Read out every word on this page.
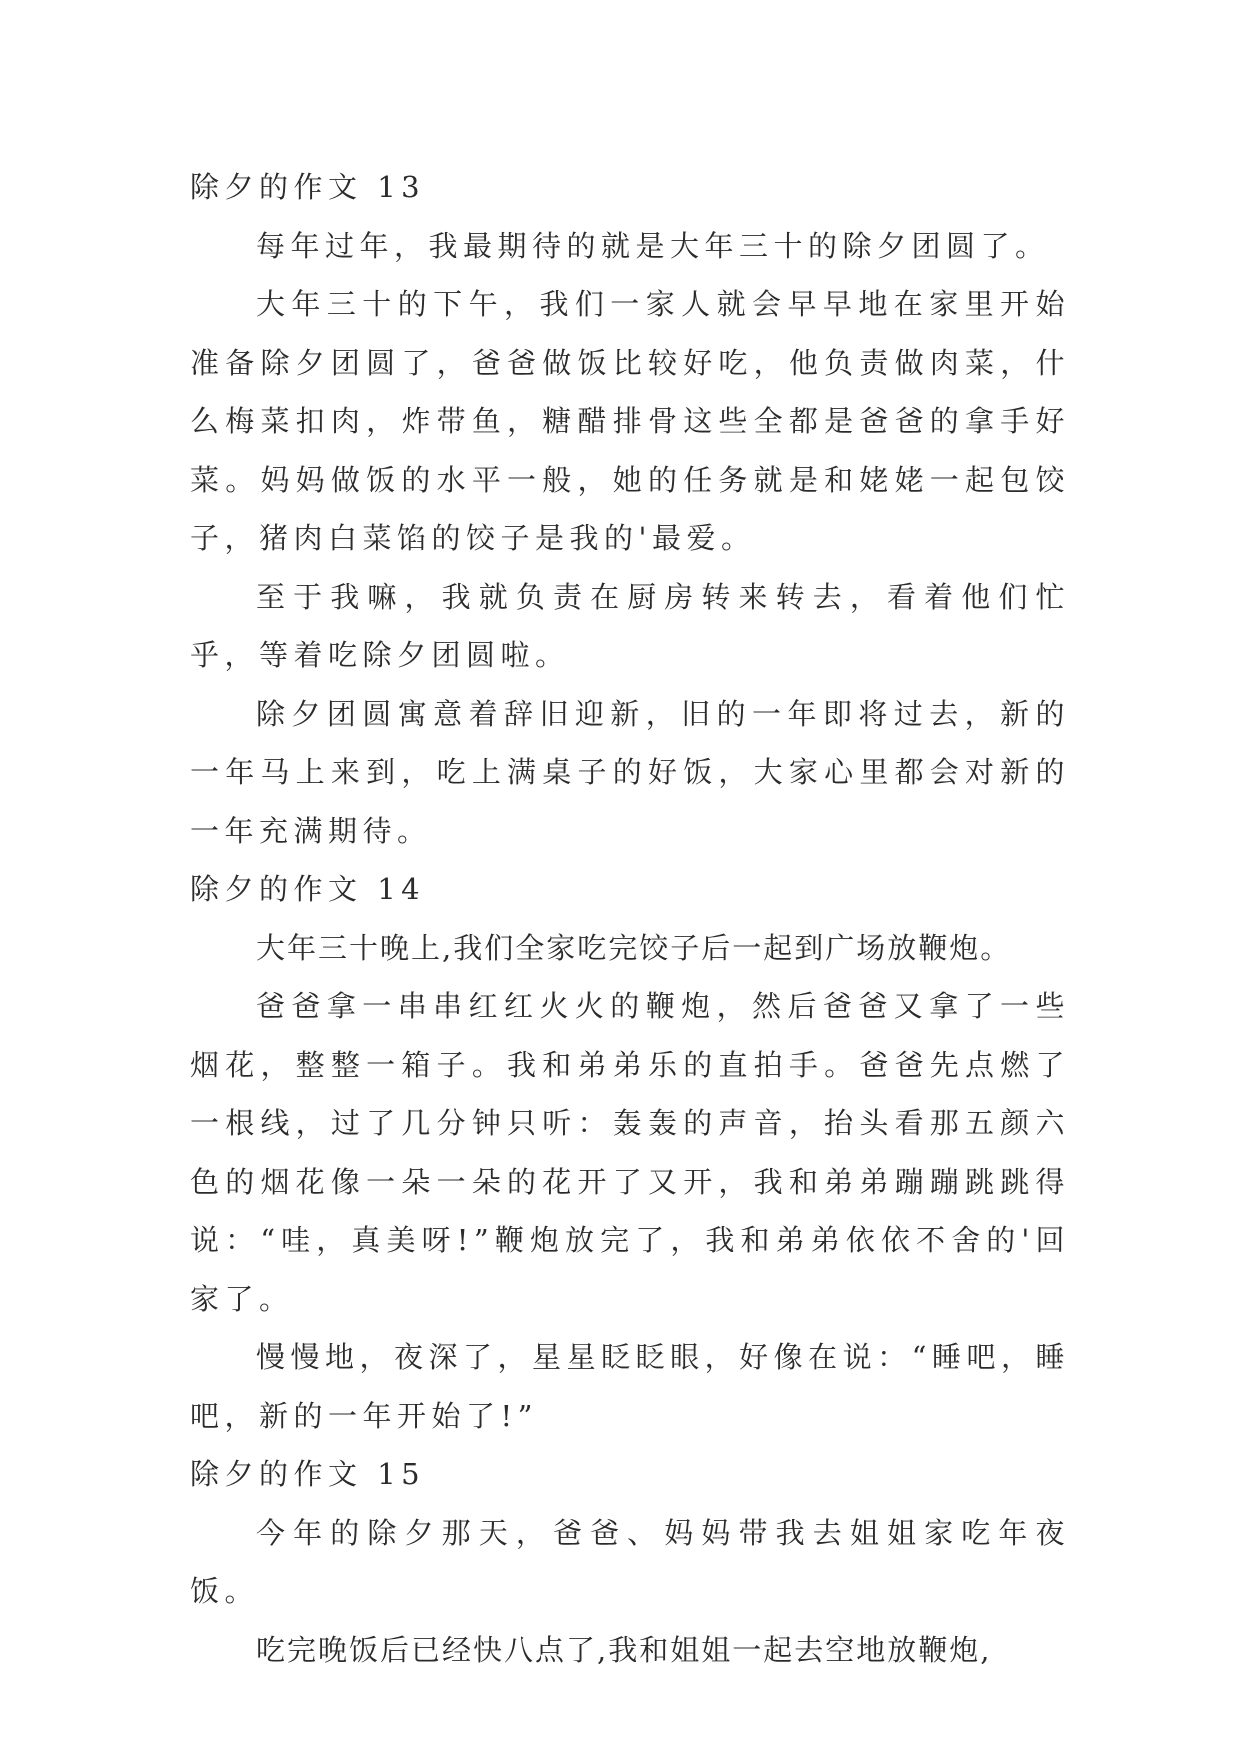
除夕的作文 13

每年过年，我最期待的就是大年三十的除夕团圆了。

大年三十的下午，我们一家人就会早早地在家里开始准备除夕团圆了，爸爸做饭比较好吃，他负责做肉菜，什么梅菜扣肉，炸带鱼，糖醋排骨这些全都是爸爸的拿手好菜。妈妈做饭的水平一般，她的任务就是和姥姥一起包饺子，猪肉白菜馅的饺子是我的'最爱。

至于我嘛，我就负责在厨房转来转去，看着他们忙乎，等着吃除夕团圆啦。

除夕团圆寓意着辞旧迎新，旧的一年即将过去，新的一年马上来到，吃上满桌子的好饭，大家心里都会对新的一年充满期待。

除夕的作文 14

大年三十晚上,我们全家吃完饺子后一起到广场放鞭炮。

爸爸拿一串串红红火火的鞭炮，然后爸爸又拿了一些烟花，整整一箱子。我和弟弟乐的直拍手。爸爸先点燃了一根线，过了几分钟只听：轰轰的声音，抬头看那五颜六色的烟花像一朵一朵的花开了又开，我和弟弟蹦蹦跳跳得说：“哇，真美呀!”鞭炮放完了，我和弟弟依依不舍的'回家了。

慢慢地，夜深了，星星眨眨眼，好像在说：“睡吧，睡吧，新的一年开始了!”

除夕的作文 15

今年的除夕那天，爸爸、妈妈带我去姐姐家吃年夜饭。

吃完晚饭后已经快八点了,我和姐姐一起去空地放鞭炮,
